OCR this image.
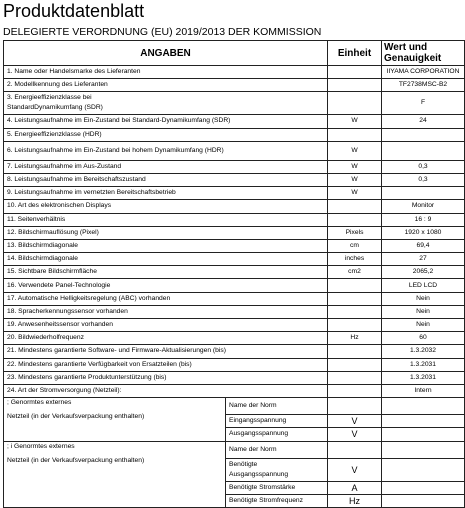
Produktdatenblatt
DELEGIERTE VERORDNUNG (EU) 2019/2013 DER KOMMISSION
ANGABEN		Einheit	Wert und
Genauigkeit

1. Name oder Handelsmarke des Lieferanten			IIYAMA CORPORATION
2. Modellkennung des Lieferanten			TF2738MSC-B2

3. Energieeffizienzklasse bei
StandardDynamikumfang (SDR)			F
4. Leistungsaufnahme im Ein-Zustand bei Standard-Dynamikumfang (SDR)		W	24
5. Energieeffizienzklasse (HDR)			
6. Leistungsaufnahme im Ein-Zustand bei hohem Dynamikumfang (HDR)		W	
7. Leistungsaufnahme im Aus-Zustand		W	0,3
8. Leistungsaufnahme im Bereitschaftszustand		W	0,3
9. Leistungsaufnahme im vernetzten Bereitschaftsbetrieb		W	
10. Art des elektronischen Displays			Monitor
11. Seitenverhältnis			16 : 9
12. Bildschirmauflösung (Pixel)		Pixels	1920 x 1080
13. Bildschirmdiagonale		cm	69,4
14. Bildschirmdiagonale		inches	27
15. Sichtbare Bildschirmfläche		cm2	2065,2
16. Verwendete Panel-Technologie			LED LCD
17. Automatische Helligkeitsregelung (ABC) vorhanden			Nein
18. Spracherkennungssensor vorhanden			Nein
19. Anwesenheitssensor vorhanden			Nein
20. Bildwiederholfrequenz		Hz	60
21. Mindestens garantierte Software- und Firmware-Aktualisierungen (bis)			1.3.2032
22. Mindestens garantierte Verfügbarkeit von Ersatzteilen (bis)			1.3.2031
23. Mindestens garantierte Produktunterstützung (bis)			1.3.2031
24. Art der Stromversorgung (Netzteil):			Intern

; Genormtes externes
Netzteil (in der Verkaufsverpackung enthalten)	Name der Norm		
	Eingangsspannung	V	
	Ausgangsspannung	V	

; i Genormtes externes
Netzteil (in der Verkaufsverpackung enthalten)	Name der Norm		

	Benötigte
Ausgangsspannung	V	
	Benötigte Stromstärke	A	
	Benötigte Stromfrequenz	Hz	
